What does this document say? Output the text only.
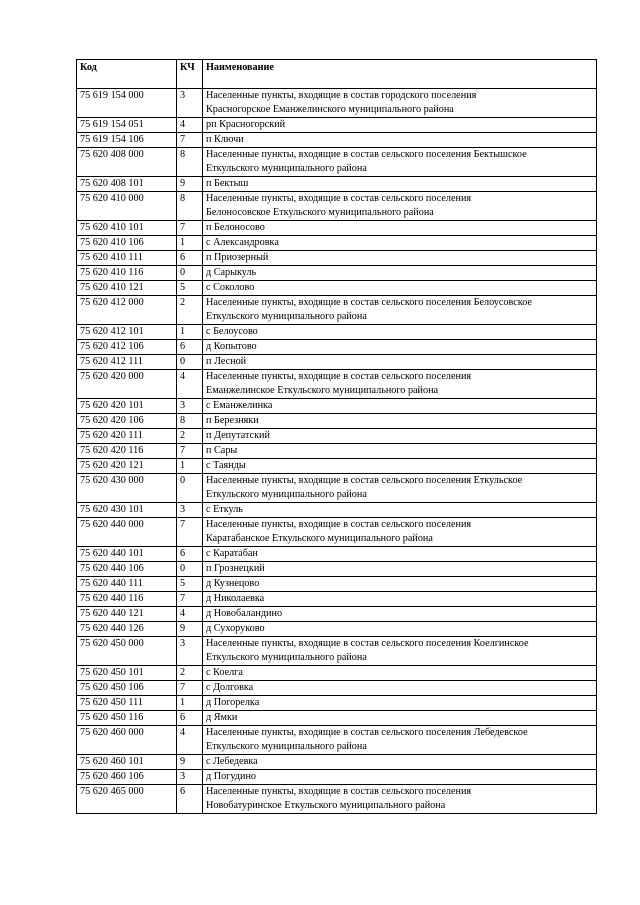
Код	КЧ	Наименование
75 619 154 000	3	Населенные пункты, входящие в состав городского поселения
Красногорское Еманжелинского муниципального района

75 619 154 051	4	рп Красногорский

75 619 154 106	7	п Ключи

75 620 408 000	8	Населенные пункты, входящие в состав сельского поселения Бектышское
Еткульского муниципального района

75 620 408 101	9	п Бектыш

75 620 410 000	8	Населенные пункты, входящие в состав сельского поселения
Белоносовское Еткульского муниципального района

75 620 410 101	7	п Белоносово

75 620 410 106	1	с Александровка

75 620 410 111	6	п Приозерный

75 620 410 116	0	д Сарыкуль

75 620 410 121	5	с Соколово

75 620 412 000	2	Населенные пункты, входящие в состав сельского поселения Белоусовское
Еткульского муниципального района

75 620 412 101	1	с Белоусово

75 620 412 106	6	д Копытово

75 620 412 111	0	п Лесной

75 620 420 000	4	Населенные пункты, входящие в состав сельского поселения
Еманжелинское Еткульского муниципального района

75 620 420 101	3	с Еманжелинка

75 620 420 106	8	п Березняки

75 620 420 111	2	п Депутатский

75 620 420 116	7	п Сары

75 620 420 121	1	с Таянды

75 620 430 000	0	Населенные пункты, входящие в состав сельского поселения Еткульское
Еткульского муниципального района

75 620 430 101	3	с Еткуль

75 620 440 000	7	Населенные пункты, входящие в состав сельского поселения
Каратабанское Еткульского муниципального района

75 620 440 101	6	с Каратабан

75 620 440 106	0	п Грознецкий

75 620 440 111	5	д Кузнецово

75 620 440 116	7	д Николаевка

75 620 440 121	4	д Новобаландино

75 620 440 126	9	д Сухоруково

75 620 450 000	3	Населенные пункты, входящие в состав сельского поселения Коелгинское
Еткульского муниципального района

75 620 450 101	2	с Коелга

75 620 450 106	7	с Долговка

75 620 450 111	1	д Погорелка

75 620 450 116	6	д Ямки

75 620 460 000	4	Населенные пункты, входящие в состав сельского поселения Лебедевское
Еткульского муниципального района

75 620 460 101	9	с Лебедевка

75 620 460 106	3	д Погудино

75 620 465 000	6	Населенные пункты, входящие в состав сельского поселения
Новобатуринское Еткульского муниципального района
